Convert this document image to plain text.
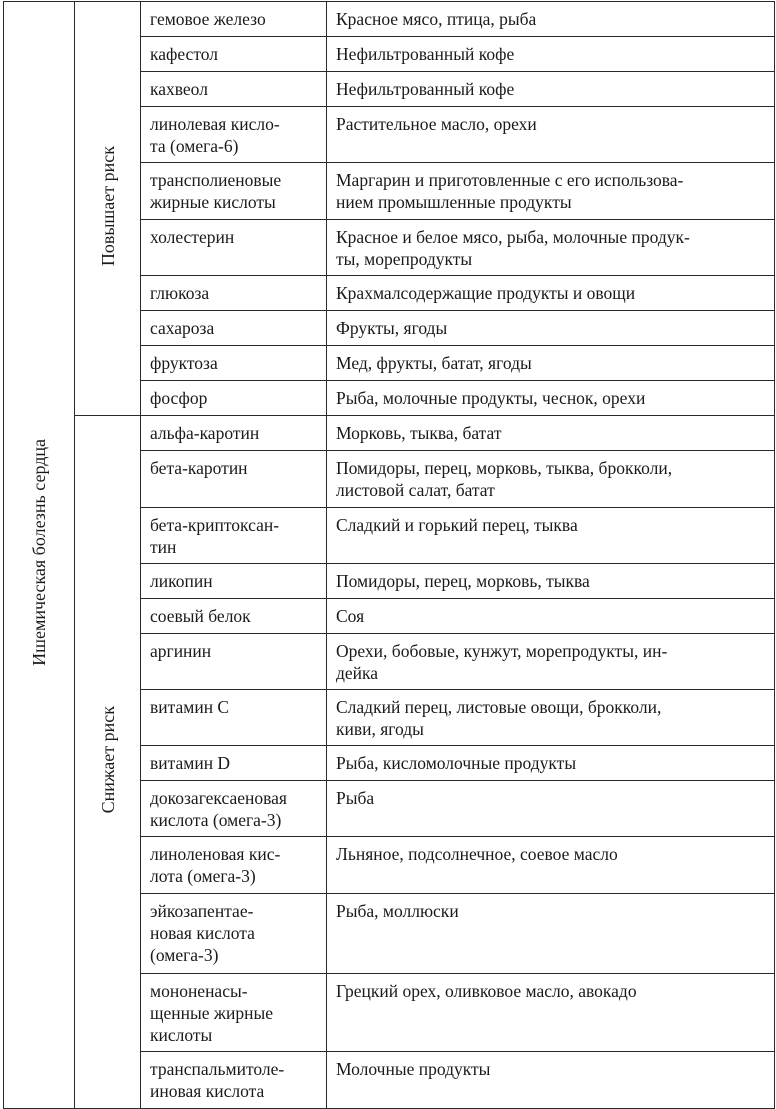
Ишемическая болезнь сердца	Повышает риск	гемовое железо	Красное мясо, птица, рыба
		кафестол	Нефильтрованный кофе
		кахвеол	Нефильтрованный кофе
		линолевая кисло-
та (омега-6)	Растительное масло, орехи
		трансполиеновые
жирные кислоты	Маргарин и приготовленные с его использова-
нием промышленные продукты
		холестерин	Красное и белое мясо, рыба, молочные продук-
ты, морепродукты
		глюкоза	Крахмалсодержащие продукты и овощи
		сахароза	Фрукты, ягоды
		фруктоза	Мед, фрукты, батат, ягоды
		фосфор	Рыба, молочные продукты, чеснок, орехи
	Снижает риск	альфа-каротин	Морковь, тыква, батат
		бета-каротин	Помидоры, перец, морковь, тыква, брокколи,
листовой салат, батат
		бета-криптоксан-
тин	Сладкий и горький перец, тыква
		ликопин	Помидоры, перец, морковь, тыква
		соевый белок	Соя
		аргинин	Орехи, бобовые, кунжут, морепродукты, ин-
дейка
		витамин С	Сладкий перец, листовые овощи, брокколи,
киви, ягоды
		витамин D	Рыба, кисломолочные продукты
		докозагексаеновая
кислота (омега-3)	Рыба
		линоленовая кис-
лота (омега-3)	Льняное, подсолнечное, соевое масло
		эйкозапентае-
новая кислота
(омега-3)	Рыба, моллюски
		мононенасы-
щенные жирные
кислоты	Грецкий орех, оливковое масло, авокадо
		транспальмитоле-
иновая кислота	Молочные продукты
